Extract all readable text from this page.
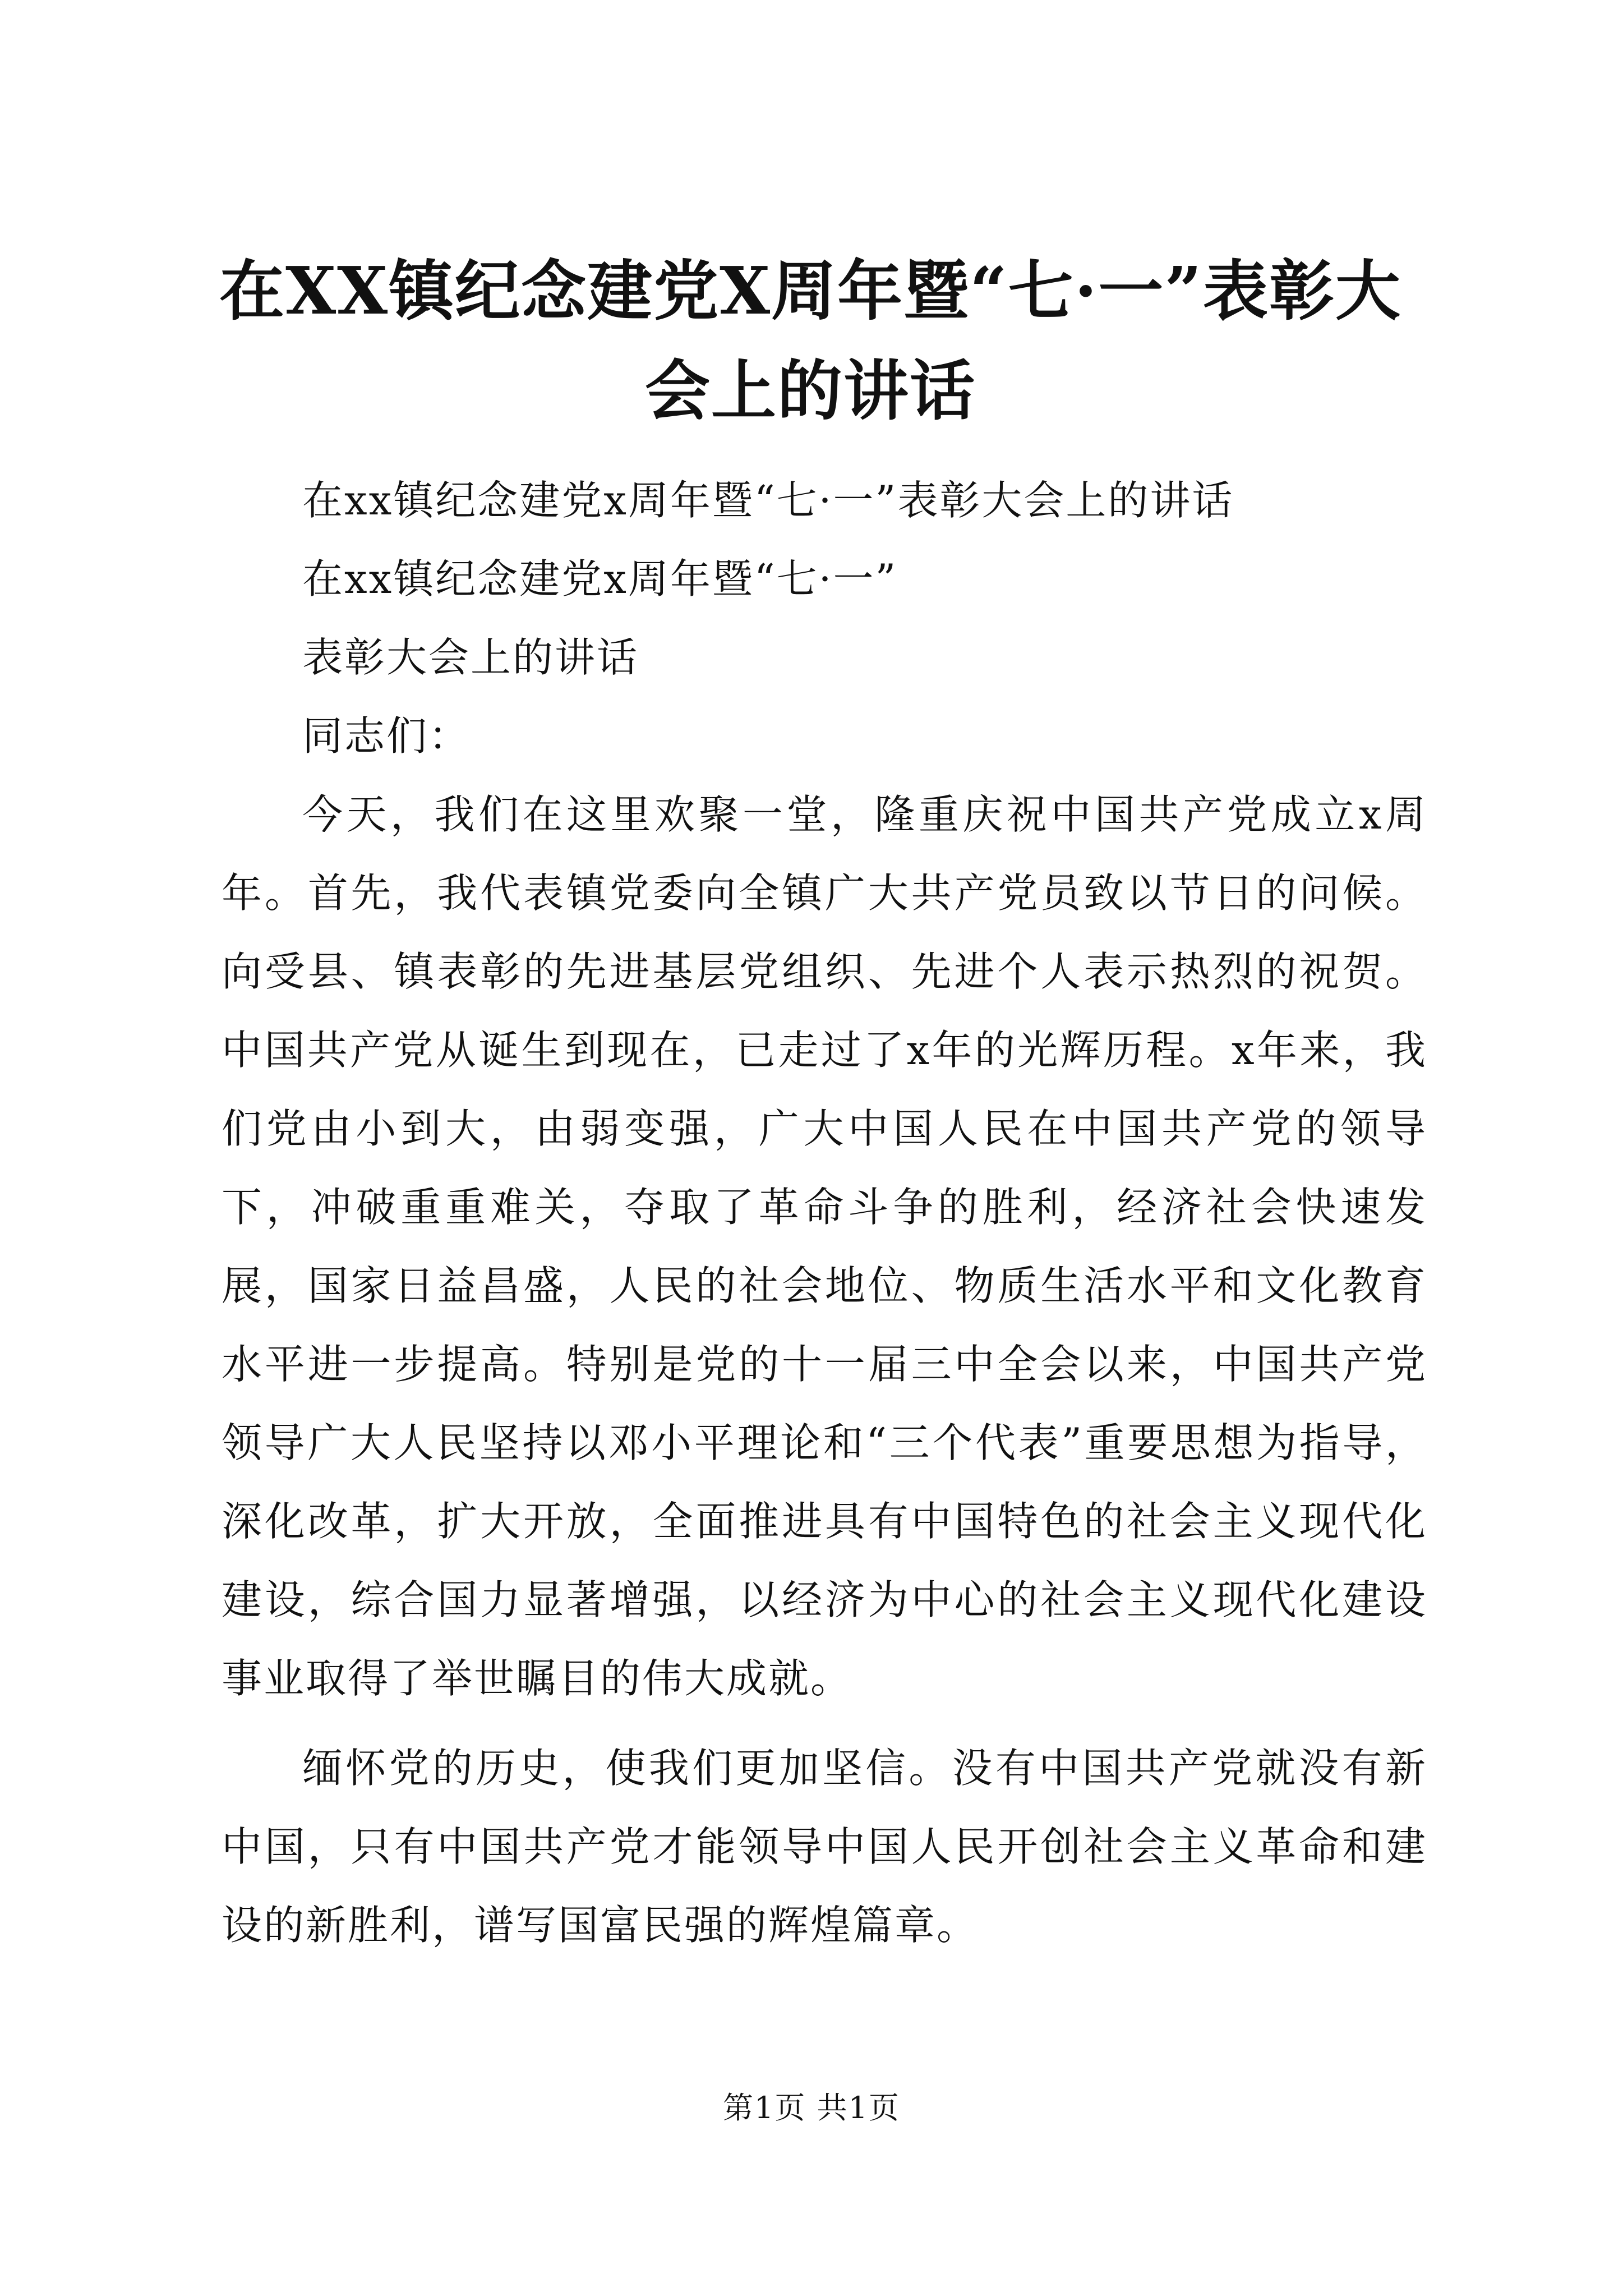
在XX镇纪念建党X周年暨“七·一”表彰大
会上的讲话

在xx镇纪念建党x周年暨“七·一”表彰大会上的讲话

在xx镇纪念建党x周年暨“七·一”

表彰大会上的讲话

同志们：

今天，我们在这里欢聚一堂，隆重庆祝中国共产党成立x周年。首先，我代表镇党委向全镇广大共产党员致以节日的问候。向受县、镇表彰的先进基层党组织、先进个人表示热烈的祝贺。中国共产党从诞生到现在，已走过了x年的光辉历程。x年来，我们党由小到大，由弱变强，广大中国人民在中国共产党的领导下，冲破重重难关，夺取了革命斗争的胜利，经济社会快速发展，国家日益昌盛，人民的社会地位、物质生活水平和文化教育水平进一步提高。特别是党的十一届三中全会以来，中国共产党领导广大人民坚持以邓小平理论和“三个代表”重要思想为指导，深化改革，扩大开放，全面推进具有中国特色的社会主义现代化建设，综合国力显著增强，以经济为中心的社会主义现代化建设事业取得了举世瞩目的伟大成就。

缅怀党的历史，使我们更加坚信。没有中国共产党就没有新中国，只有中国共产党才能领导中国人民开创社会主义革命和建设的新胜利，谱写国富民强的辉煌篇章。

第1页 共1页
